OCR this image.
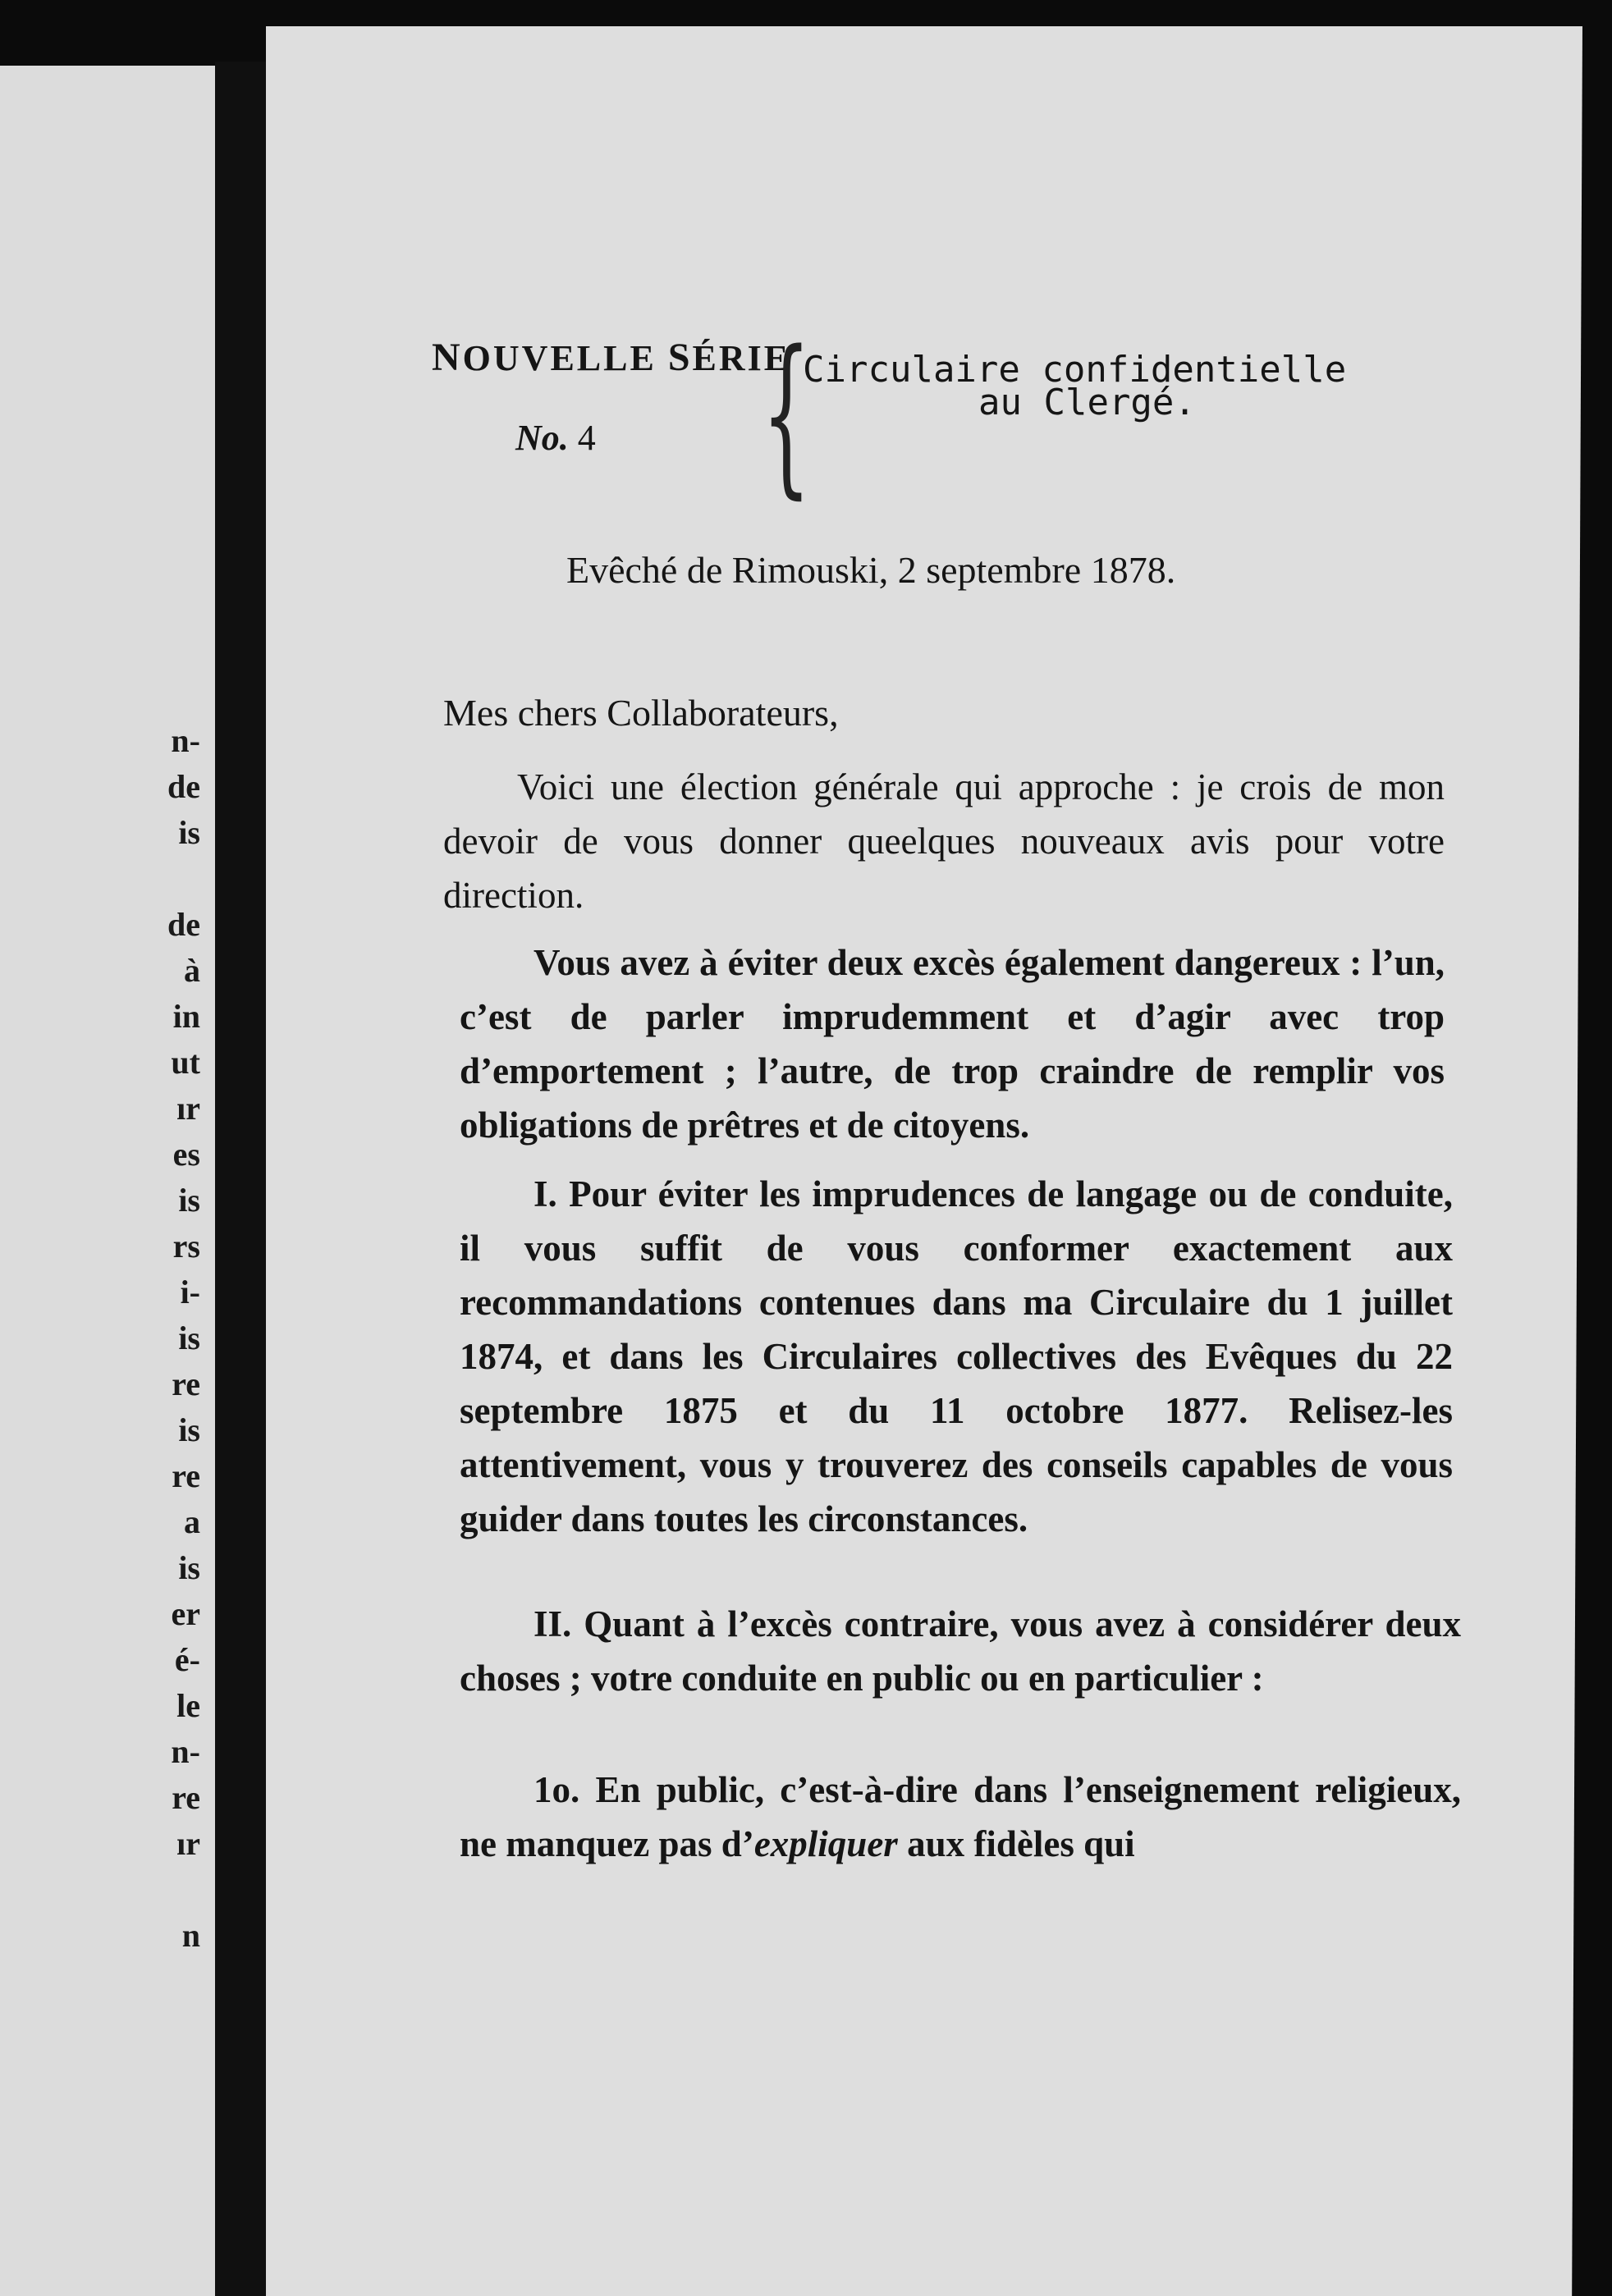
n-
de
is
de
à
in
ut
ır
es
is
rs
i-
is
re
is
re
a
is
er
é-
le
n-
re
ır
n
NOUVELLE SÉRIE
No. 4 {
Circulaire confidentielle
au Clergé.
Evêché de Rimouski, 2 septembre 1878.
Mes chers Collaborateurs,
Voici une élection générale qui approche : je crois de mon devoir de vous donner queelques nouveaux avis pour votre direction.
Vous avez à éviter deux excès également dangereux : l’un, c’est de parler imprudemment et d’agir avec trop d’emportement ; l’autre, de trop craindre de remplir vos obligations de prêtres et de citoyens.
I. Pour éviter les imprudences de langage ou de conduite, il vous suffit de vous conformer exactement aux recommandations contenues dans ma Circulaire du 1 juillet 1874, et dans les Circulaires collectives des Evêques du 22 septembre 1875 et du 11 octobre 1877. Relisez-les attentivement, vous y trouverez des conseils capables de vous guider dans toutes les circonstances.
II. Quant à l’excès contraire, vous avez à considérer deux choses ; votre conduite en public ou en particulier :
1o. En public, c’est-à-dire dans l’enseignement religieux, ne manquez pas d’expliquer aux fidèles qui
